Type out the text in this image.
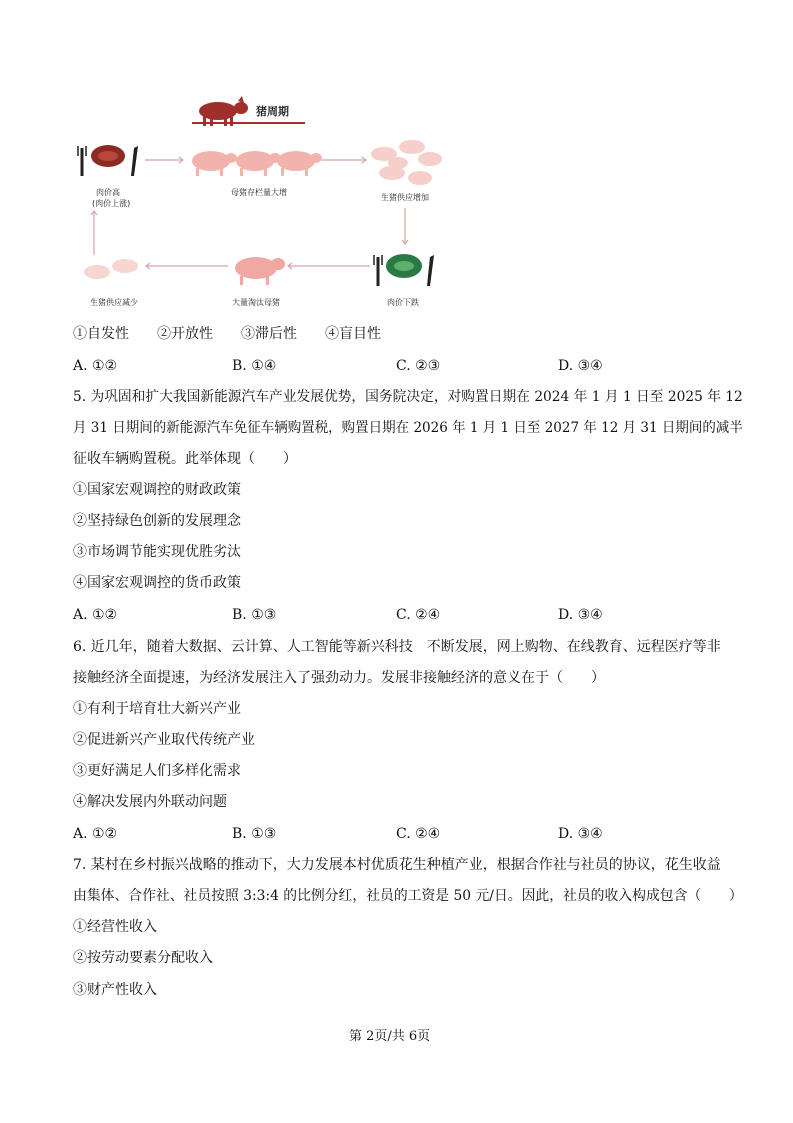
猪周期
肉价高
(肉价上涨)
母猪存栏量大增
生猪供应增加
肉价下跌
大量淘汰母猪
生猪供应减少
①自发性 ②开放性 ③滞后性 ④盲目性
A. ①②	B. ①④	C. ②③	D. ③④
5. 为巩固和扩大我国新能源汽车产业发展优势，国务院决定，对购置日期在 2024 年 1 月 1 日至 2025 年 12
月 31 日期间的新能源汽车免征车辆购置税，购置日期在 2026 年 1 月 1 日至 2027 年 12 月 31 日期间的减半
征收车辆购置税。此举体现（　　）
①国家宏观调控的财政政策
②坚持绿色创新的发展理念
③市场调节能实现优胜劣汰
④国家宏观调控的货币政策
A. ①②	B. ①③	C. ②④	D. ③④
6. 近几年，随着大数据、云计算、人工智能等新兴科技　不断发展，网上购物、在线教育、远程医疗等非
接触经济全面提速，为经济发展注入了强劲动力。发展非接触经济的意义在于（　　）
①有利于培育壮大新兴产业
②促进新兴产业取代传统产业
③更好满足人们多样化需求
④解决发展内外联动问题
A. ①②	B. ①③	C. ②④	D. ③④
7. 某村在乡村振兴战略的推动下，大力发展本村优质花生种植产业，根据合作社与社员的协议，花生收益
由集体、合作社、社员按照 3:3:4 的比例分红，社员的工资是 50 元/日。因此，社员的收入构成包含（　　）
①经营性收入
②按劳动要素分配收入
③财产性收入
第 2页/共 6页
